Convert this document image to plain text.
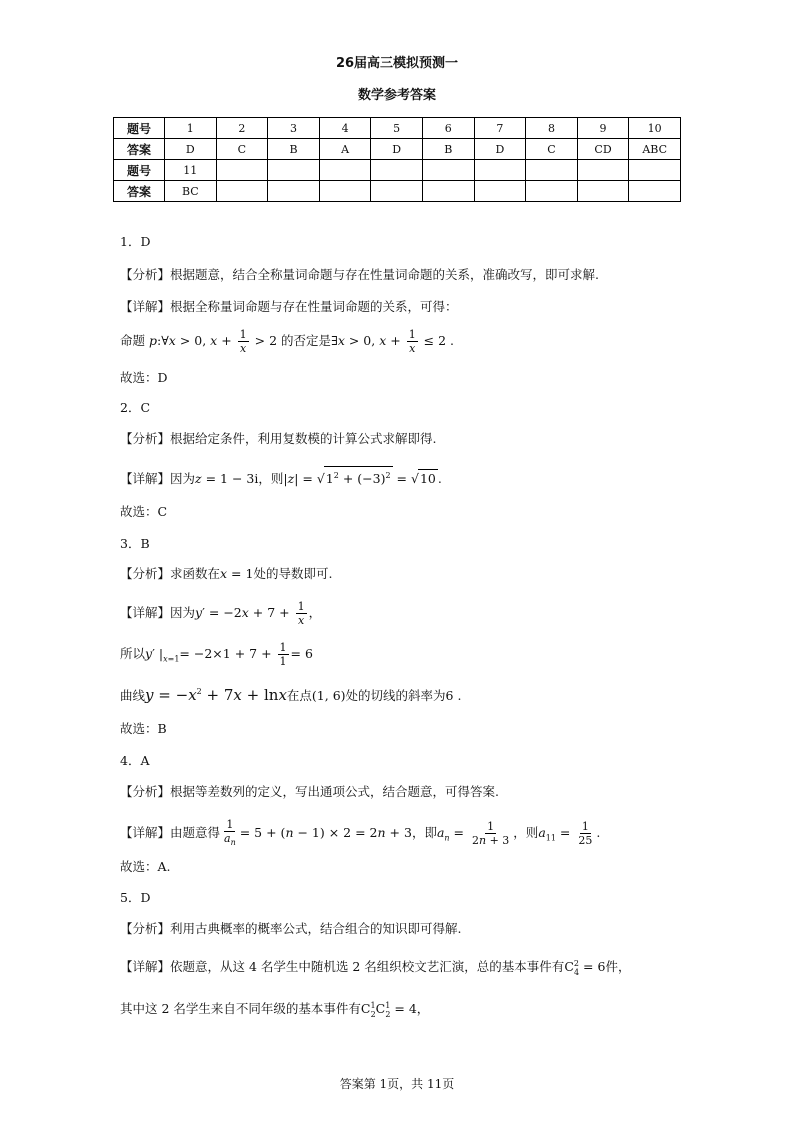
26届高三模拟预测一
数学参考答案
题号	1	2	3	4	5	6	7	8	9	10
答案	D	C	B	A	D	B	D	C	CD	ABC
题号	11									
答案	BC									
1．D
【分析】根据题意，结合全称量词命题与存在性量词命题的关系，准确改写，即可求解.
【详解】根据全称量词命题与存在性量词命题的关系，可得：
命题 p:∀x > 0, $x + \frac{1}{x} > 2$ 的否定是∃x > 0, $x + \frac{1}{x} \le 2$ .
故选：D
2．C
【分析】根据给定条件，利用复数模的计算公式求解即得.
【详解】因为z = 1 − 3i，则$|z| = √1^2 + (-3)^2 = √10$ .
故选：C
3．B
【分析】求函数在x = 1处的导数即可.
【详解】因为$y' = -2x + 7 + \frac{1}{x}$ ，
所以y′ $|_{x=1}= -2\times 1 + 7 + \frac{1}{1} = 6$
曲线$y = -x^2 + 7x + \ln x$在点(1, 6)处的切线的斜率为6 .
故选：B
4．A
【分析】根据等差数列的定义，写出通项公式，结合题意，可得答案.
【详解】由题意得 $\frac{1}{a_n} = 5 + (n - 1) \times 2 = 2n + 3$，即$a_n = \frac{1}{2n + 3}$ ，则$a_{11} = \frac{1}{25}$ .
故选：A.
5．D
【分析】利用古典概率的概率公式，结合组合的知识即可得解.
【详解】依题意，从这 4 名学生中随机选 2 名组织校文艺汇演，总的基本事件有$C^2_4 = 6$件，
其中这 2 名学生来自不同年级的基本事件有$C^1_2C^1_2 = 4$，
答案第 1页，共 11页
